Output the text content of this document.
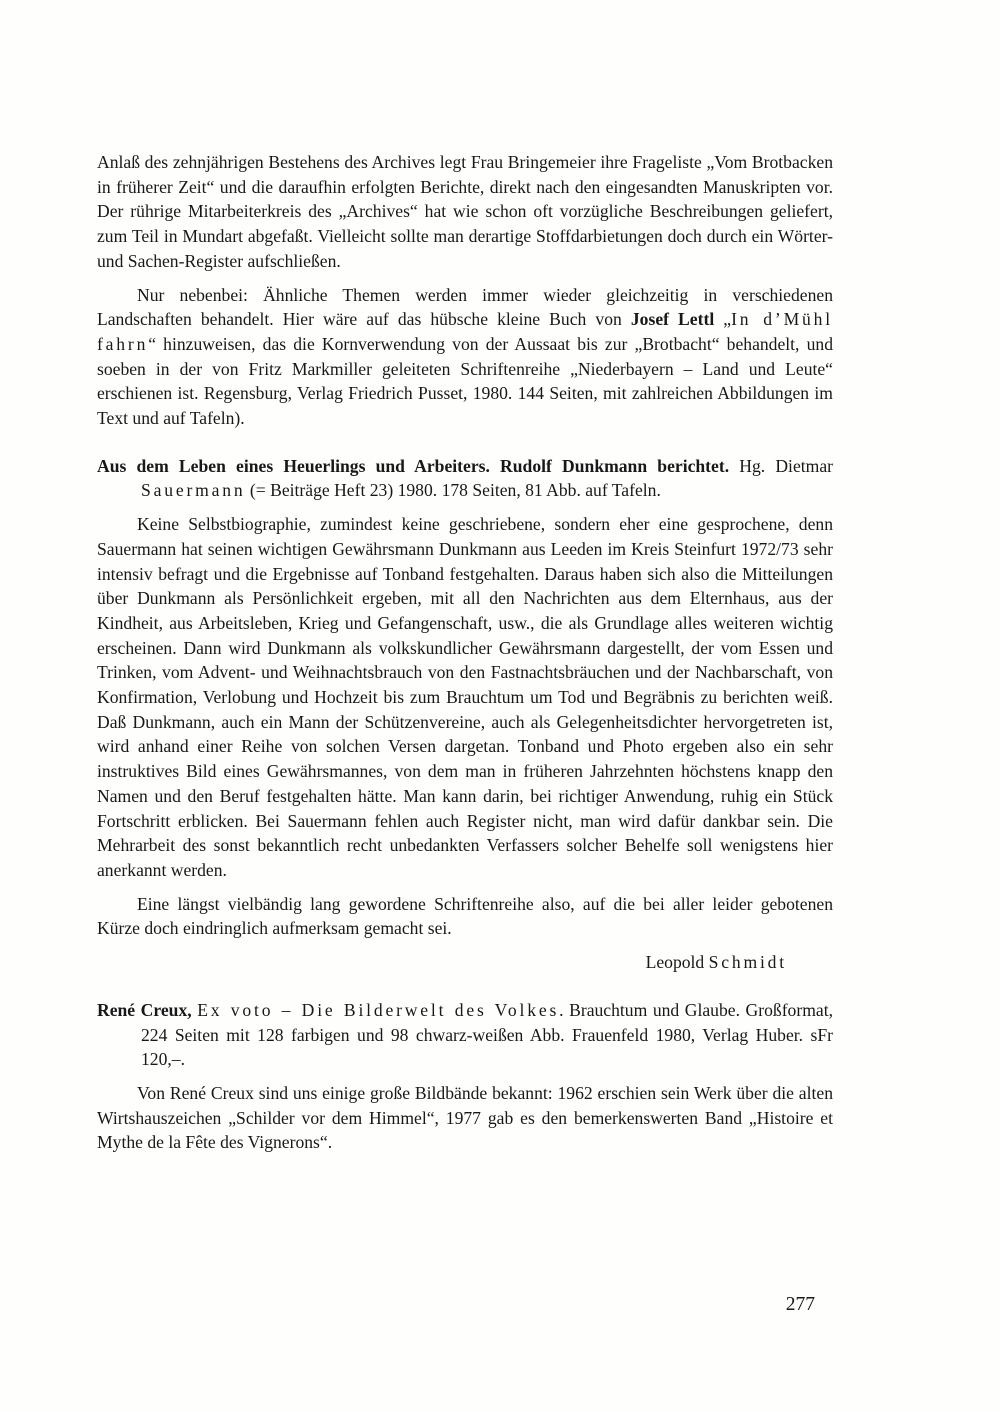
Anlaß des zehnjährigen Bestehens des Archives legt Frau Bringemeier ihre Frageliste „Vom Brotbacken in früherer Zeit“ und die daraufhin erfolgten Berichte, direkt nach den eingesandten Manuskripten vor. Der rührige Mitarbeiterkreis des „Archives“ hat wie schon oft vorzügliche Beschreibungen geliefert, zum Teil in Mundart abgefaßt. Vielleicht sollte man derartige Stoffdarbietungen doch durch ein Wörter- und Sachen-Register aufschließen.

Nur nebenbei: Ähnliche Themen werden immer wieder gleichzeitig in verschiedenen Landschaften behandelt. Hier wäre auf das hübsche kleine Buch von Josef Lettl „In d’Mühl fahrn“ hinzuweisen, das die Kornverwendung von der Aussaat bis zur „Brotbacht“ behandelt, und soeben in der von Fritz Markmiller geleiteten Schriftenreihe „Niederbayern – Land und Leute“ erschienen ist. Regensburg, Verlag Friedrich Pusset, 1980. 144 Seiten, mit zahlreichen Abbildungen im Text und auf Tafeln).

Aus dem Leben eines Heuerlings und Arbeiters. Rudolf Dunkmann berichtet. Hg. Dietmar Sauermann (= Beiträge Heft 23) 1980. 178 Seiten, 81 Abb. auf Tafeln.

Keine Selbstbiographie, zumindest keine geschriebene, sondern eher eine gesprochene, denn Sauermann hat seinen wichtigen Gewährsmann Dunkmann aus Leeden im Kreis Steinfurt 1972/73 sehr intensiv befragt und die Ergebnisse auf Tonband festgehalten. Daraus haben sich also die Mitteilungen über Dunkmann als Persönlichkeit ergeben, mit all den Nachrichten aus dem Elternhaus, aus der Kindheit, aus Arbeitsleben, Krieg und Gefangenschaft, usw., die als Grundlage alles weiteren wichtig erscheinen. Dann wird Dunkmann als volkskundlicher Gewährsmann dargestellt, der vom Essen und Trinken, vom Advent- und Weihnachtsbrauch von den Fastnachtsbräuchen und der Nachbarschaft, von Konfirmation, Verlobung und Hochzeit bis zum Brauchtum um Tod und Begräbnis zu berichten weiß. Daß Dunkmann, auch ein Mann der Schützenvereine, auch als Gelegenheitsdichter hervorgetreten ist, wird anhand einer Reihe von solchen Versen dargetan. Tonband und Photo ergeben also ein sehr instruktives Bild eines Gewährsmannes, von dem man in früheren Jahrzehnten höchstens knapp den Namen und den Beruf festgehalten hätte. Man kann darin, bei richtiger Anwendung, ruhig ein Stück Fortschritt erblicken. Bei Sauermann fehlen auch Register nicht, man wird dafür dankbar sein. Die Mehrarbeit des sonst bekanntlich recht unbedankten Verfassers solcher Behelfe soll wenigstens hier anerkannt werden.

Eine längst vielbändig lang gewordene Schriftenreihe also, auf die bei aller leider gebotenen Kürze doch eindringlich aufmerksam gemacht sei.

Leopold Schmidt

René Creux, Ex voto – Die Bilderwelt des Volkes. Brauchtum und Glaube. Großformat, 224 Seiten mit 128 farbigen und 98 chwarz-weißen Abb. Frauenfeld 1980, Verlag Huber. sFr 120,–.

Von René Creux sind uns einige große Bildbände bekannt: 1962 erschien sein Werk über die alten Wirtshauszeichen „Schilder vor dem Himmel“, 1977 gab es den bemerkenswerten Band „Histoire et Mythe de la Fête des Vignerons“.

277
